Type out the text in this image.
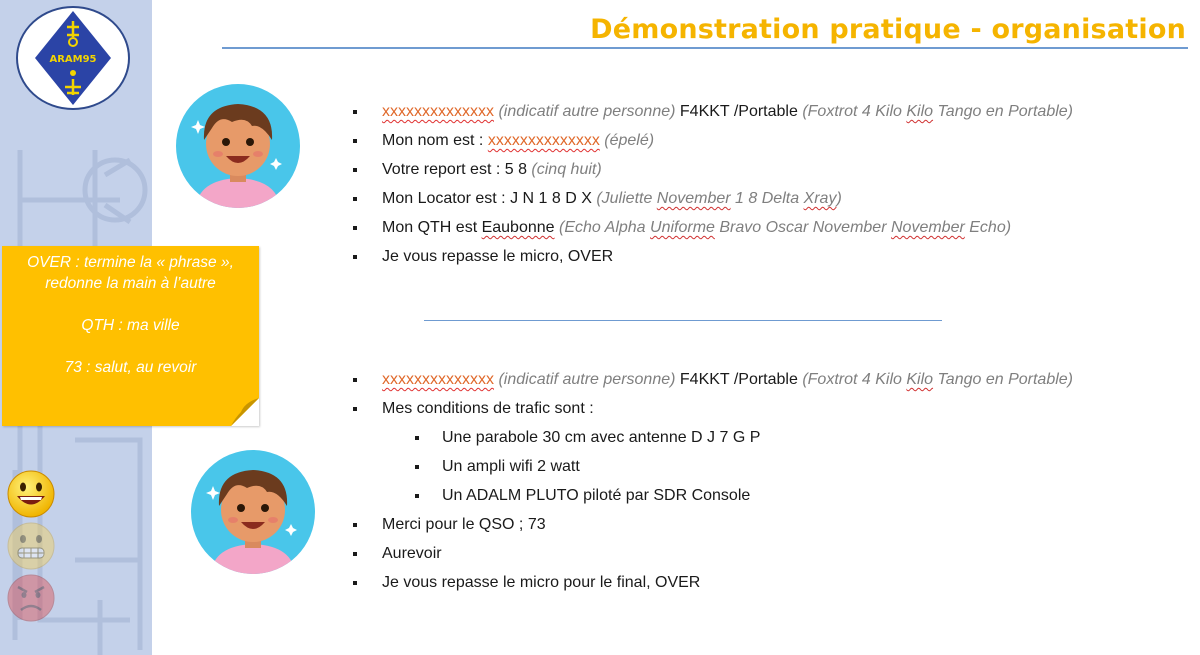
ARAM95
Démonstration pratique - organisation

OVER : termine la « phrase », redonne la main à l’autre

QTH : ma ville

73 : salut, au revoir

xxxxxxxxxxxxxx (indicatif autre personne) F4KKT /Portable (Foxtrot 4 Kilo Kilo Tango en Portable)
Mon nom est : xxxxxxxxxxxxxx (épelé)
Votre report est : 5 8 (cinq huit)
Mon Locator est : J N 1 8 D X (Juliette November 1 8 Delta Xray)
Mon QTH est Eaubonne (Echo Alpha Uniforme Bravo Oscar November November Echo)
Je vous repasse le micro, OVER
xxxxxxxxxxxxxx (indicatif autre personne) F4KKT /Portable (Foxtrot 4 Kilo Kilo Tango en Portable)
Mes conditions de trafic sont :
Une parabole 30 cm avec antenne D J 7 G P
Un ampli wifi 2 watt
Un ADALM PLUTO piloté par SDR Console
Merci pour le QSO ; 73
Aurevoir
Je vous repasse le micro pour le final, OVER
